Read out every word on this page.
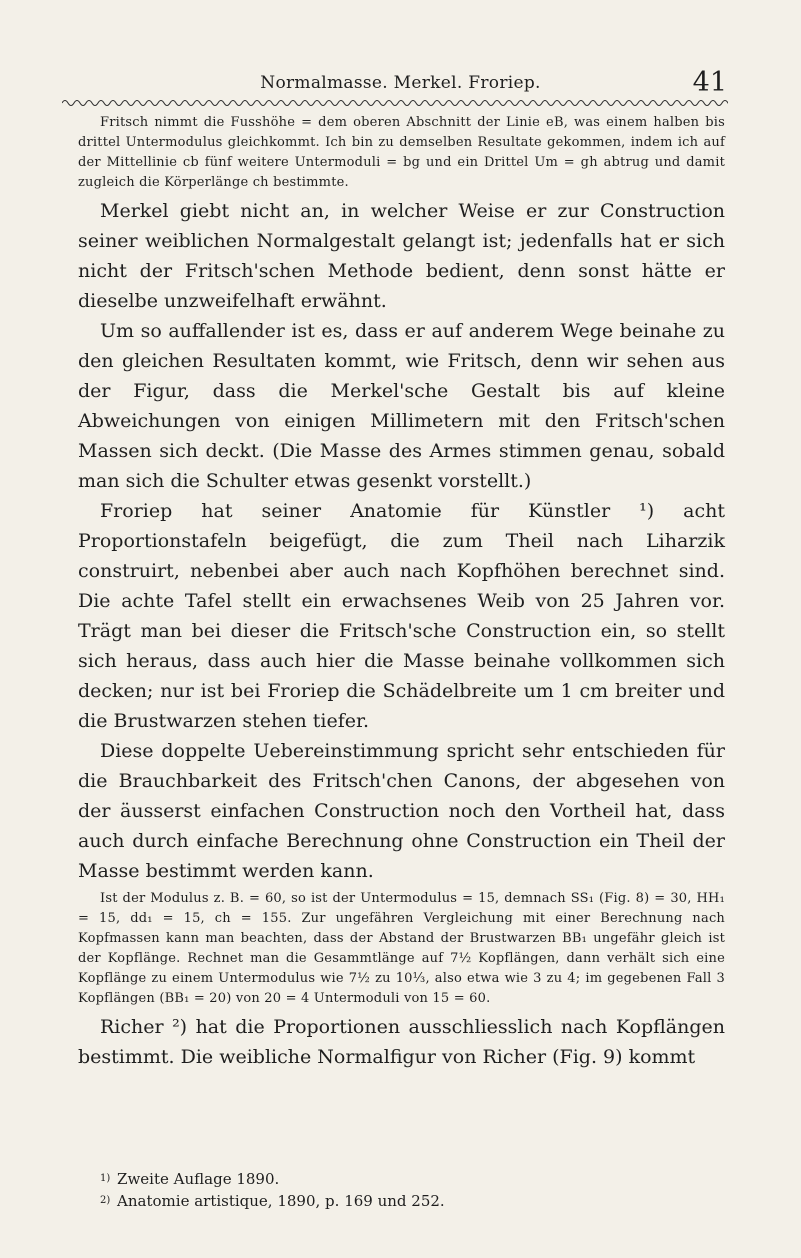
Normalmasse. Merkel. Froriep.	41

Fritsch nimmt die Fusshöhe = dem oberen Abschnitt der Linie eB, was einem halben bis drittel Untermodulus gleichkommt. Ich bin zu demselben Resultate gekommen, indem ich auf der Mittellinie cb fünf weitere Untermoduli = bg und ein Drittel Um = gh abtrug und damit zugleich die Körperlänge ch bestimmte.

Merkel giebt nicht an, in welcher Weise er zur Construction seiner weiblichen Normalgestalt gelangt ist; jedenfalls hat er sich nicht der Fritsch'schen Methode bedient, denn sonst hätte er dieselbe unzweifelhaft erwähnt.

Um so auffallender ist es, dass er auf anderem Wege beinahe zu den gleichen Resultaten kommt, wie Fritsch, denn wir sehen aus der Figur, dass die Merkel'sche Gestalt bis auf kleine Abweichungen von einigen Millimetern mit den Fritsch'schen Massen sich deckt. (Die Masse des Armes stimmen genau, sobald man sich die Schulter etwas gesenkt vorstellt.)

Froriep hat seiner Anatomie für Künstler ¹) acht Proportionstafeln beigefügt, die zum Theil nach Liharzik construirt, nebenbei aber auch nach Kopfhöhen berechnet sind. Die achte Tafel stellt ein erwachsenes Weib von 25 Jahren vor. Trägt man bei dieser die Fritsch'sche Construction ein, so stellt sich heraus, dass auch hier die Masse beinahe vollkommen sich decken; nur ist bei Froriep die Schädelbreite um 1 cm breiter und die Brustwarzen stehen tiefer.

Diese doppelte Uebereinstimmung spricht sehr entschieden für die Brauchbarkeit des Fritsch'chen Canons, der abgesehen von der äusserst einfachen Construction noch den Vortheil hat, dass auch durch einfache Berechnung ohne Construction ein Theil der Masse bestimmt werden kann.

Ist der Modulus z. B. = 60, so ist der Untermodulus = 15, demnach SS₁ (Fig. 8) = 30, HH₁ = 15, dd₁ = 15, ch = 155. Zur ungefähren Vergleichung mit einer Berechnung nach Kopfmassen kann man beachten, dass der Abstand der Brustwarzen BB₁ ungefähr gleich ist der Kopflänge. Rechnet man die Gesammtlänge auf 7½ Kopflängen, dann verhält sich eine Kopflänge zu einem Untermodulus wie 7½ zu 10⅓, also etwa wie 3 zu 4; im gegebenen Fall 3 Kopflängen (BB₁ = 20) von 20 = 4 Untermoduli von 15 = 60.

Richer ²) hat die Proportionen ausschliesslich nach Kopflängen bestimmt. Die weibliche Normalfigur von Richer (Fig. 9) kommt

$^{1)}$ Zweite Auflage 1890.

$^{2)}$ Anatomie artistique, 1890, p. 169 und 252.
